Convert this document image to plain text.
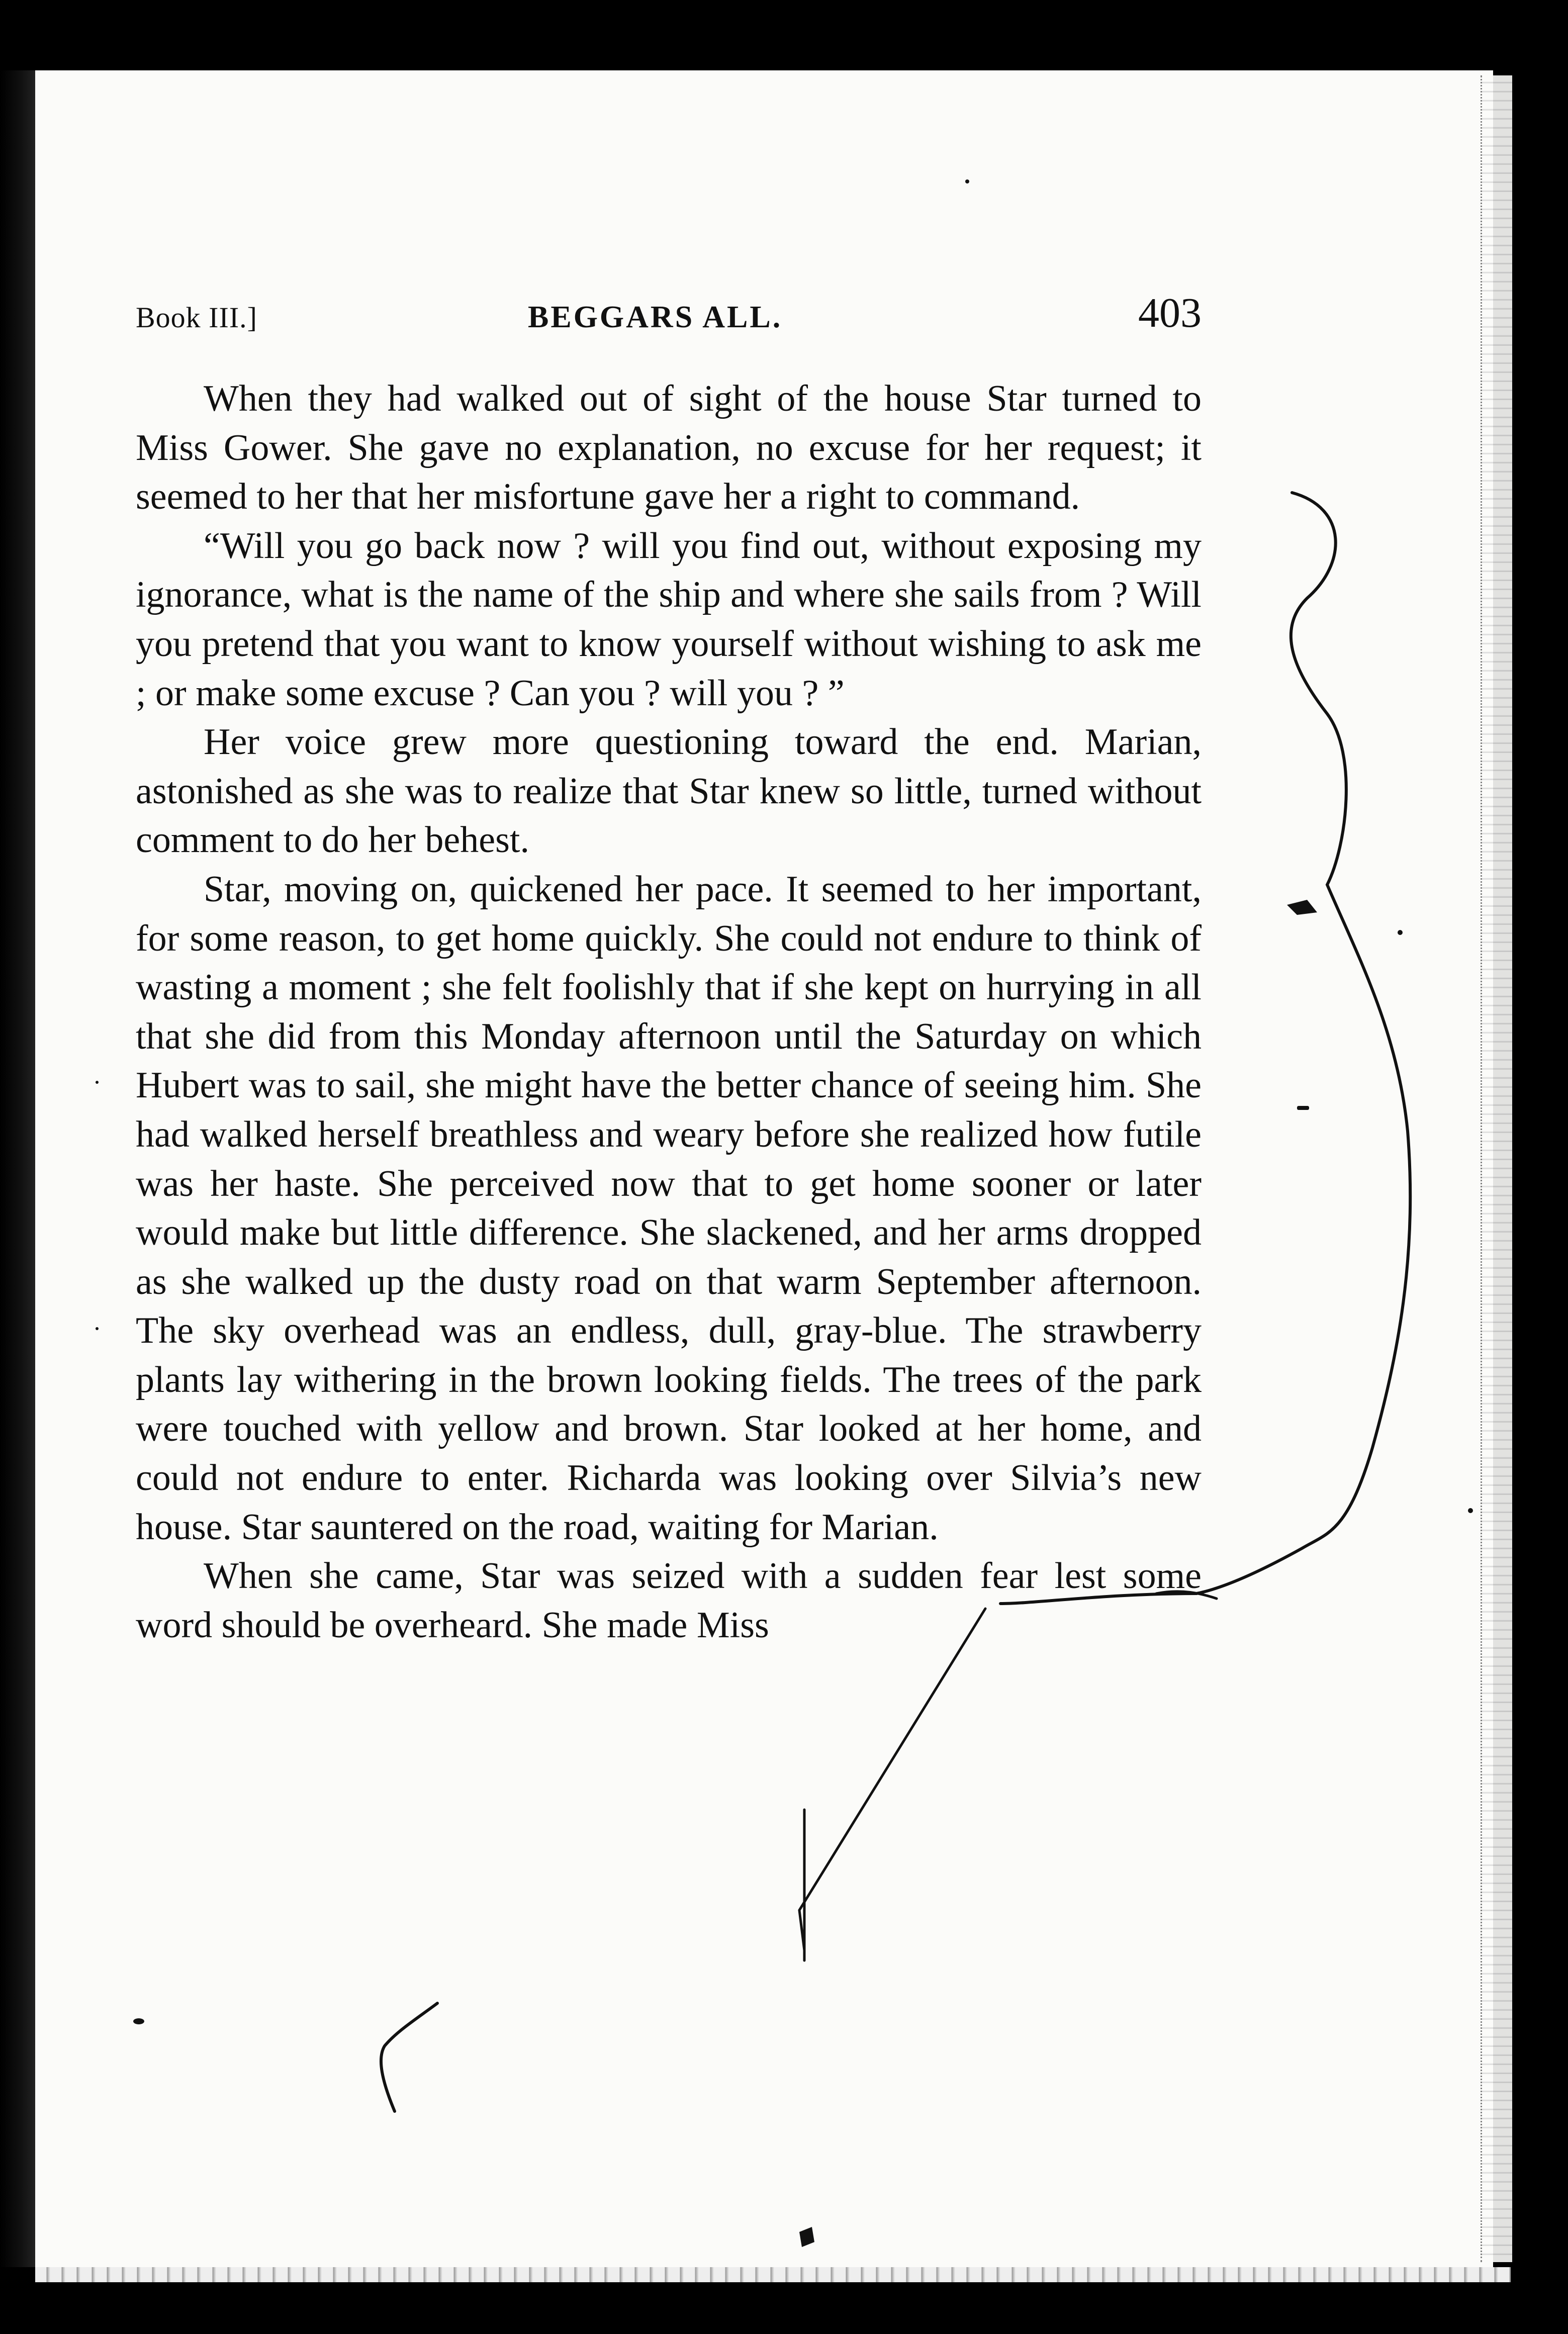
Book III.]	BEGGARS ALL.	403

When they had walked out of sight of the house Star turned to Miss Gower. She gave no explanation, no excuse for her request; it seemed to her that her misfortune gave her a right to command.

“Will you go back now ? will you find out, without exposing my ignorance, what is the name of the ship and where she sails from ? Will you pretend that you want to know yourself without wishing to ask me ; or make some excuse ? Can you ? will you ? ”

Her voice grew more questioning toward the end. Marian, astonished as she was to realize that Star knew so little, turned without comment to do her behest.

Star, moving on, quickened her pace. It seemed to her important, for some reason, to get home quickly. She could not endure to think of wasting a moment ; she felt foolishly that if she kept on hurrying in all that she did from this Monday afternoon until the Saturday on which Hubert was to sail, she might have the better chance of seeing him. She had walked herself breathless and weary before she realized how futile was her haste. She perceived now that to get home sooner or later would make but little difference. She slackened, and her arms dropped as she walked up the dusty road on that warm September afternoon. The sky overhead was an endless, dull, gray-blue. The strawberry plants lay withering in the brown looking fields. The trees of the park were touched with yellow and brown. Star looked at her home, and could not endure to enter. Richarda was looking over Silvia’s new house. Star sauntered on the road, waiting for Marian.

When she came, Star was seized with a sudden fear lest some word should be overheard. She made Miss
